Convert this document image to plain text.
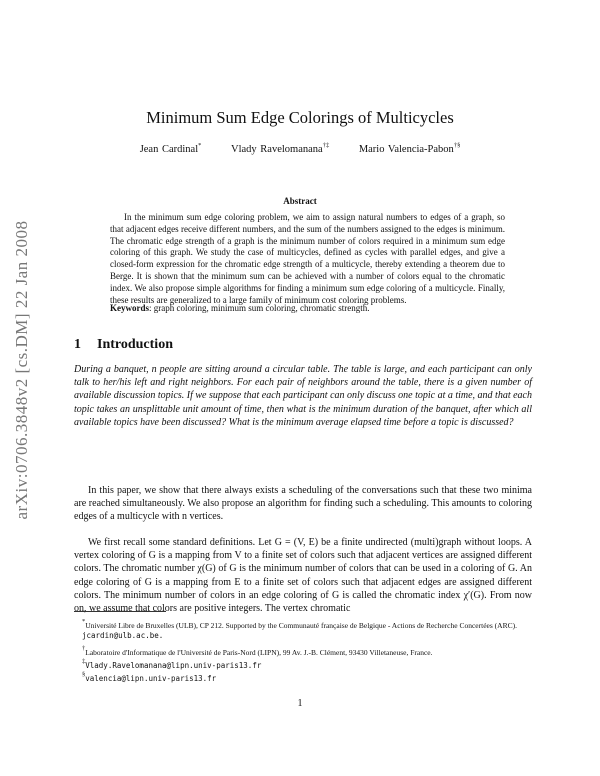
arXiv:0706.3848v2 [cs.DM] 22 Jan 2008
Minimum Sum Edge Colorings of Multicycles
Jean Cardinal*	Vlady Ravelomanana†‡	Mario Valencia-Pabon†§
Abstract
In the minimum sum edge coloring problem, we aim to assign natural numbers to edges of a graph, so that adjacent edges receive different numbers, and the sum of the numbers assigned to the edges is minimum. The chromatic edge strength of a graph is the minimum number of colors required in a minimum sum edge coloring of this graph. We study the case of multicycles, defined as cycles with parallel edges, and give a closed-form expression for the chromatic edge strength of a multicycle, thereby extending a theorem due to Berge. It is shown that the minimum sum can be achieved with a number of colors equal to the chromatic index. We also propose simple algorithms for finding a minimum sum edge coloring of a multicycle. Finally, these results are generalized to a large family of minimum cost coloring problems.
Keywords: graph coloring, minimum sum coloring, chromatic strength.
1 Introduction
During a banquet, n people are sitting around a circular table. The table is large, and each participant can only talk to her/his left and right neighbors. For each pair of neighbors around the table, there is a given number of available discussion topics. If we suppose that each participant can only discuss one topic at a time, and that each topic takes an unsplittable unit amount of time, then what is the minimum duration of the banquet, after which all available topics have been discussed? What is the minimum average elapsed time before a topic is discussed?
In this paper, we show that there always exists a scheduling of the conversations such that these two minima are reached simultaneously. We also propose an algorithm for finding such a scheduling. This amounts to coloring edges of a multicycle with n vertices.
We first recall some standard definitions. Let G = (V, E) be a finite undirected (multi)graph without loops. A vertex coloring of G is a mapping from V to a finite set of colors such that adjacent vertices are assigned different colors. The chromatic number χ(G) of G is the minimum number of colors that can be used in a coloring of G. An edge coloring of G is a mapping from E to a finite set of colors such that adjacent edges are assigned different colors. The minimum number of colors in an edge coloring of G is called the chromatic index χ′(G). From now on, we assume that colors are positive integers. The vertex chromatic
*Université Libre de Bruxelles (ULB), CP 212. Supported by the Communauté française de Belgique - Actions de Recherche Concertées (ARC). jcardin@ulb.ac.be.
†Laboratoire d'Informatique de l'Université de Paris-Nord (LIPN), 99 Av. J.-B. Clément, 93430 Villetaneuse, France.
‡Vlady.Ravelomanana@lipn.univ-paris13.fr
§valencia@lipn.univ-paris13.fr
1
